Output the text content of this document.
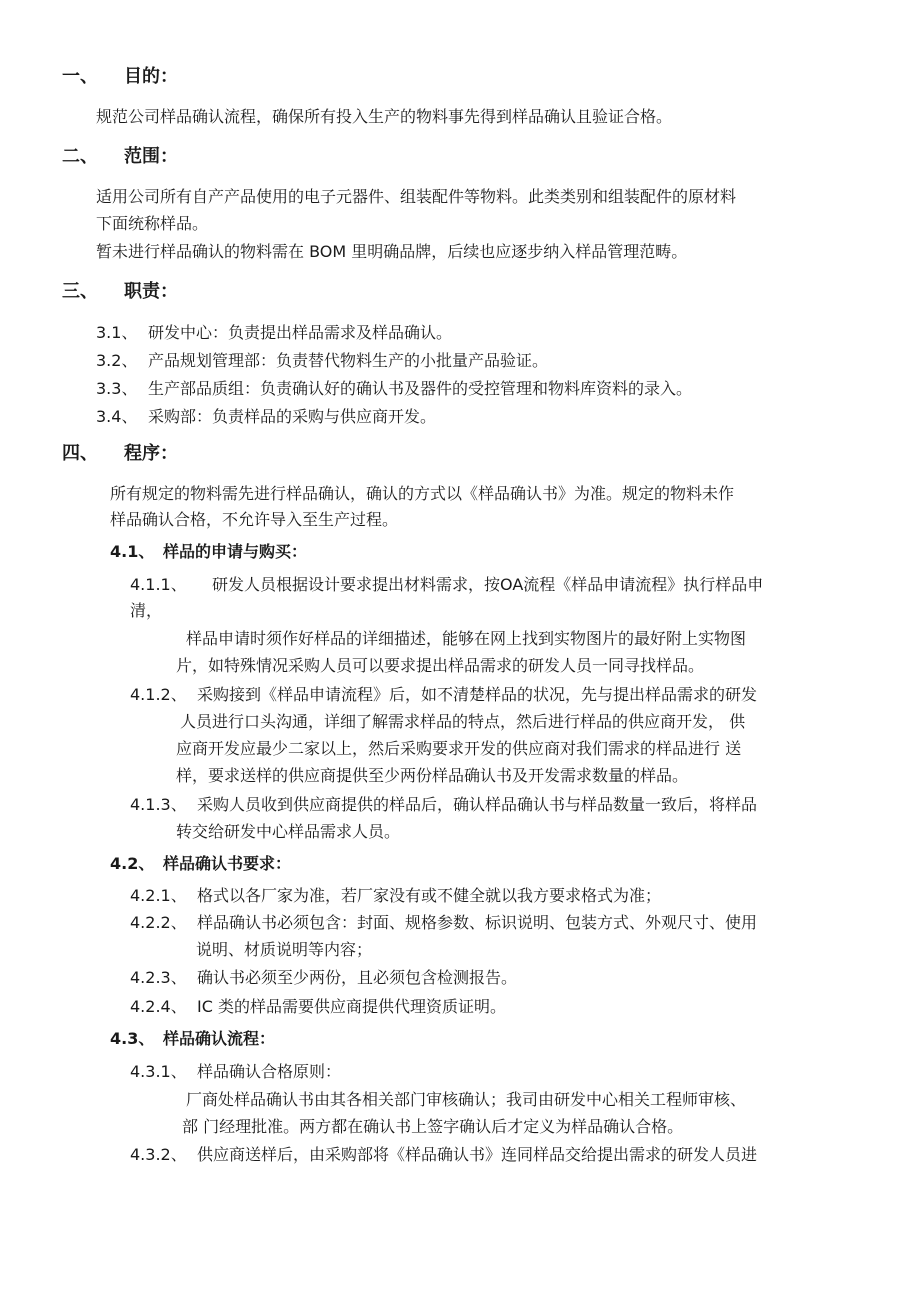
一、 目的：
规范公司样品确认流程，确保所有投入生产的物料事先得到样品确认且验证合格。
二、 范围：
适用公司所有自产产品使用的电子元器件、组装配件等物料。此类类别和组装配件的原材料
下面统称样品。
暂未进行样品确认的物料需在 BOM 里明确品牌，后续也应逐步纳入样品管理范畴。
三、 职责：
3.1、 研发中心：负责提出样品需求及样品确认。
3.2、 产品规划管理部：负责替代物料生产的小批量产品验证。
3.3、 生产部品质组：负责确认好的确认书及器件的受控管理和物料库资料的录入。
3.4、 采购部：负责样品的采购与供应商开发。
四、 程序：
所有规定的物料需先进行样品确认，确认的方式以《样品确认书》为准。规定的物料未作
样品确认合格，不允许导入至生产过程。
4.1、 样品的申请与购买：
4.1.1、 研发人员根据设计要求提出材料需求，按OA流程《样品申请流程》执行样品申
清，
样品申请时须作好样品的详细描述，能够在网上找到实物图片的最好附上实物图
片，如特殊情况采购人员可以要求提出样品需求的研发人员一同寻找样品。
4.1.2、 采购接到《样品申请流程》后，如不清楚样品的状况，先与提出样品需求的研发
人员进行口头沟通，详细了解需求样品的特点，然后进行样品的供应商开发， 供
应商开发应最少二家以上，然后采购要求开发的供应商对我们需求的样品进行 送
样，要求送样的供应商提供至少两份样品确认书及开发需求数量的样品。
4.1.3、 采购人员收到供应商提供的样品后，确认样品确认书与样品数量一致后，将样品
转交给研发中心样品需求人员。
4.2、 样品确认书要求：
4.2.1、 格式以各厂家为准，若厂家没有或不健全就以我方要求格式为准；
4.2.2、 样品确认书必须包含：封面、规格参数、标识说明、包装方式、外观尺寸、使用
说明、材质说明等内容；
4.2.3、 确认书必须至少两份，且必须包含检测报告。
4.2.4、 IC 类的样品需要供应商提供代理资质证明。
4.3、 样品确认流程：
4.3.1、 样品确认合格原则：
厂商处样品确认书由其各相关部门审核确认；我司由研发中心相关工程师审核、
部 门经理批准。两方都在确认书上签字确认后才定义为样品确认合格。
4.3.2、 供应商送样后，由采购部将《样品确认书》连同样品交给提出需求的研发人员进
